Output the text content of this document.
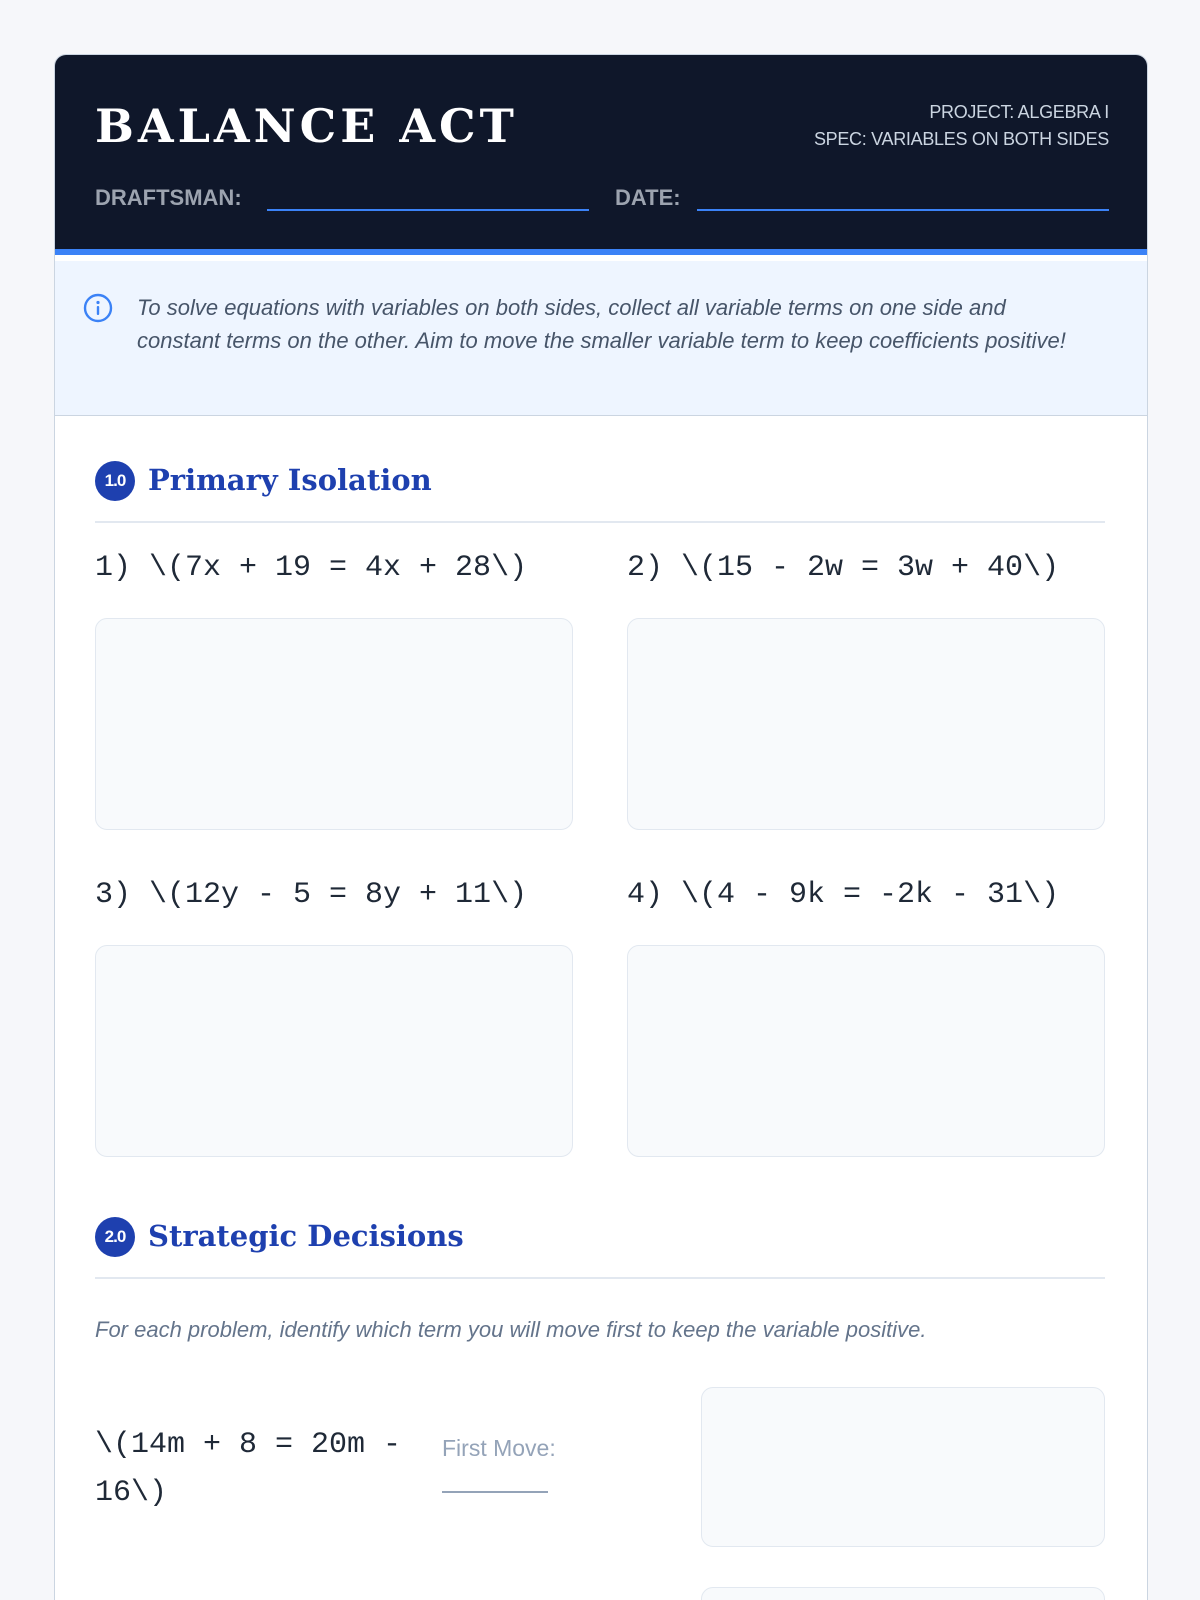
BALANCE ACT	PROJECT: ALGEBRA I
SPEC: VARIABLES ON BOTH SIDES
DRAFTSMAN:	DATE:
To solve equations with variables on both sides, collect all variable terms on one side and constant terms on the other. Aim to move the smaller variable term to keep coefficients positive!
1.0 Primary Isolation
1) \(7x + 19 = 4x + 28\)	2) \(15 - 2w = 3w + 40\)
3) \(12y - 5 = 8y + 11\)	4) \(4 - 9k = -2k - 31\)
2.0 Strategic Decisions
For each problem, identify which term you will move first to keep the variable positive.
\(14m + 8 = 20m - 16\)
First Move:
